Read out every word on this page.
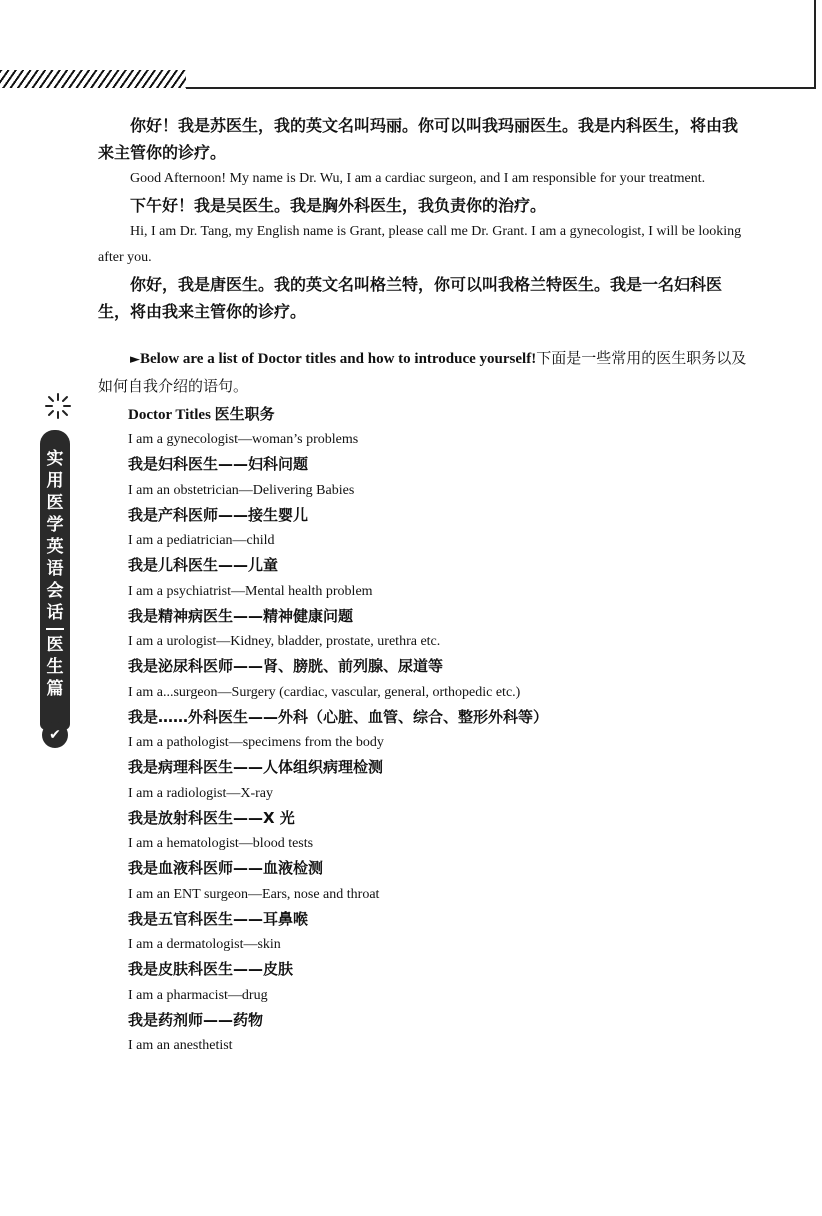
实
用
医
学
英
语
会
话
医
生
篇
✔

你好！我是苏医生，我的英文名叫玛丽。你可以叫我玛丽医生。我是内科医生，将由我来主管你的诊疗。

Good Afternoon! My name is Dr. Wu, I am a cardiac surgeon, and I am responsible for your treatment.

下午好！我是吴医生。我是胸外科医生，我负责你的治疗。

Hi, I am Dr. Tang, my English name is Grant, please call me Dr. Grant. I am a gynecologist, I will be looking after you.

你好，我是唐医生。我的英文名叫格兰特，你可以叫我格兰特医生。我是一名妇科医生，将由我来主管你的诊疗。

►Below are a list of Doctor titles and how to introduce yourself!下面是一些常用的医生职务以及如何自我介绍的语句。

Doctor Titles 医生职务

I am a gynecologist—woman’s problems

我是妇科医生——妇科问题

I am an obstetrician—Delivering Babies

我是产科医师——接生婴儿

I am a pediatrician—child

我是儿科医生——儿童

I am a psychiatrist—Mental health problem

我是精神病医生——精神健康问题

I am a urologist—Kidney, bladder, prostate, urethra etc.

我是泌尿科医师——肾、膀胱、前列腺、尿道等

I am a...surgeon—Surgery (cardiac, vascular, general, orthopedic etc.)

我是……外科医生——外科（心脏、血管、综合、整形外科等）

I am a pathologist—specimens from the body

我是病理科医生——人体组织病理检测

I am a radiologist—X-ray

我是放射科医生——X 光

I am a hematologist—blood tests

我是血液科医师——血液检测

I am an ENT surgeon—Ears, nose and throat

我是五官科医生——耳鼻喉

I am a dermatologist—skin

我是皮肤科医生——皮肤

I am a pharmacist—drug

我是药剂师——药物

I am an anesthetist
